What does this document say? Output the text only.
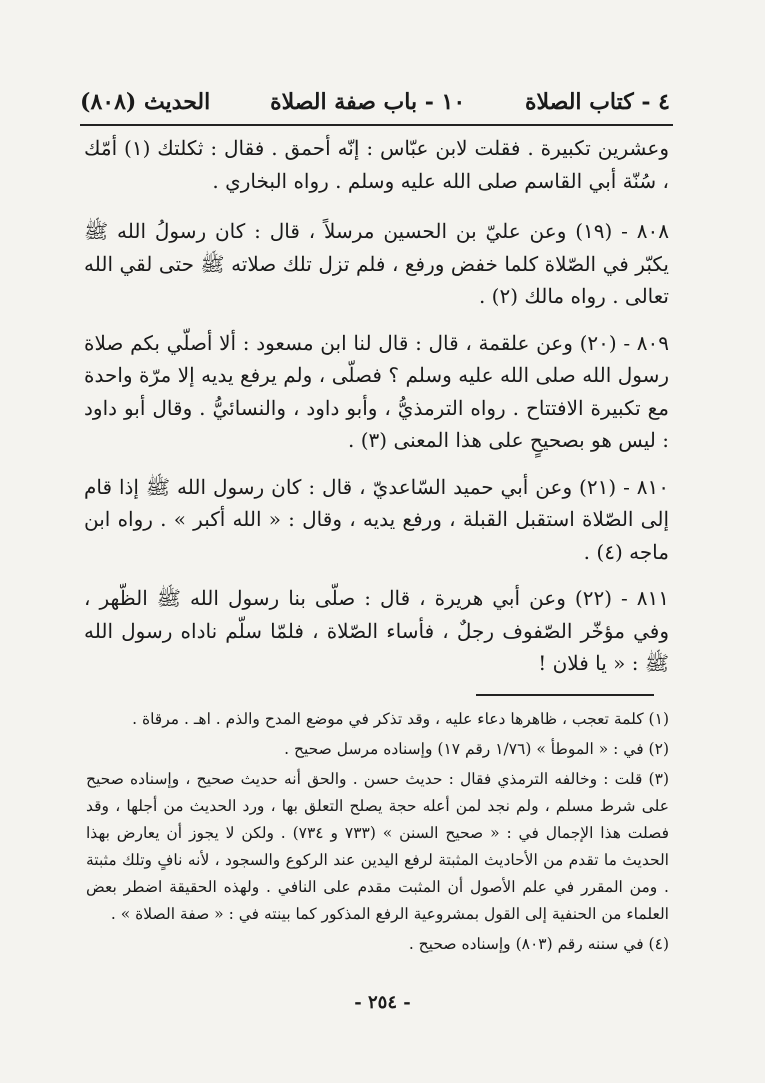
٤ - كتاب الصلاة
١٠ - باب صفة الصلاة
الحديث (٨٠٨)

وعشرين تكبيرة . فقلت لابن عبّاس : إنّه أحمق . فقال : ثكلتك (١) أمّك ، سُنّة أبي القاسم صلى الله عليه وسلم . رواه البخاري .

٨٠٨ - (١٩) وعن عليّ بن الحسين مرسلاً ، قال : كان رسولُ الله ﷺ يكبّر في الصّلاة كلما خفض ورفع ، فلم تزل تلك صلاته ﷺ حتى لقي الله تعالى . رواه مالك (٢) .

٨٠٩ - (٢٠) وعن علقمة ، قال : قال لنا ابن مسعود : ألا أصلّي بكم صلاة رسول الله صلى الله عليه وسلم ؟ فصلّى ، ولم يرفع يديه إلا مرّة واحدة مع تكبيرة الافتتاح . رواه الترمذيُّ ، وأبو داود ، والنسائيُّ . وقال أبو داود : ليس هو بصحيحٍ على هذا المعنى (٣) .

٨١٠ - (٢١) وعن أبي حميد السّاعديّ ، قال : كان رسول الله ﷺ إذا قام إلى الصّلاة استقبل القبلة ، ورفع يديه ، وقال : « الله أكبر » . رواه ابن ماجه (٤) .

٨١١ - (٢٢) وعن أبي هريرة ، قال : صلّى بنا رسول الله ﷺ الظّهر ، وفي مؤخّر الصّفوف رجلٌ ، فأساء الصّلاة ، فلمّا سلّم ناداه رسول الله ﷺ : « يا فلان !

(١) كلمة تعجب ، ظاهرها دعاء عليه ، وقد تذكر في موضع المدح والذم . اهـ . مرقاة .

(٢) في : « الموطأ » (١/٧٦ رقم ١٧) وإسناده مرسل صحيح .

(٣) قلت : وخالفه الترمذي فقال : حديث حسن . والحق أنه حديث صحيح ، وإسناده صحيح على شرط مسلم ، ولم نجد لمن أعله حجة يصلح التعلق بها ، ورد الحديث من أجلها ، وقد فصلت هذا الإجمال في : « صحيح السنن » (٧٣٣ و ٧٣٤) . ولكن لا يجوز أن يعارض بهذا الحديث ما تقدم من الأحاديث المثبتة لرفع اليدين عند الركوع والسجود ، لأنه نافٍ وتلك مثبتة . ومن المقرر في علم الأصول أن المثبت مقدم على النافي . ولهذه الحقيقة اضطر بعض العلماء من الحنفية إلى القول بمشروعية الرفع المذكور كما بينته في : « صفة الصلاة » .

(٤) في سننه رقم (٨٠٣) وإسناده صحيح .

- ٢٥٤ -
